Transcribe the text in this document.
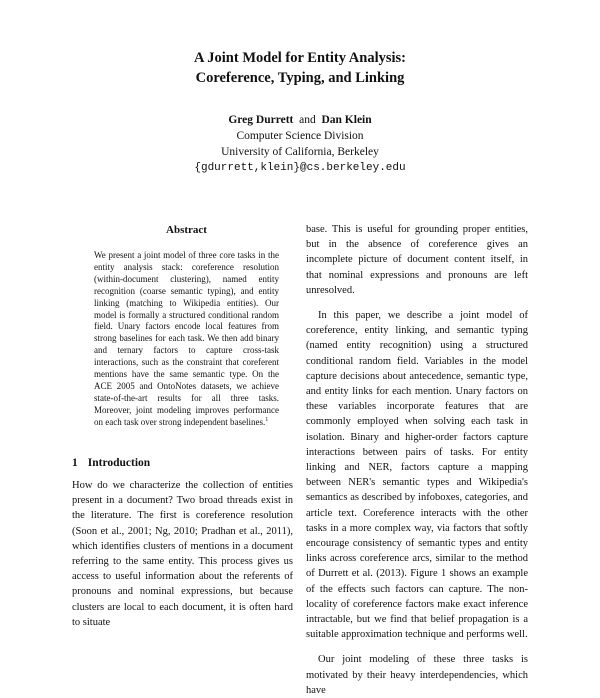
A Joint Model for Entity Analysis:
Coreference, Typing, and Linking
Greg Durrett and Dan Klein
Computer Science Division
University of California, Berkeley
{gdurrett,klein}@cs.berkeley.edu
Abstract
We present a joint model of three core tasks in the entity analysis stack: coreference resolution (within-document clustering), named entity recognition (coarse semantic typing), and entity linking (matching to Wikipedia entities). Our model is formally a structured conditional random field. Unary factors encode local features from strong baselines for each task. We then add binary and ternary factors to capture cross-task interactions, such as the constraint that coreferent mentions have the same semantic type. On the ACE 2005 and OntoNotes datasets, we achieve state-of-the-art results for all three tasks. Moreover, joint modeling improves performance on each task over strong independent baselines.$^1$
1 Introduction
How do we characterize the collection of entities present in a document? Two broad threads exist in the literature. The first is coreference resolution (Soon et al., 2001; Ng, 2010; Pradhan et al., 2011), which identifies clusters of mentions in a document referring to the same entity. This process gives us access to useful information about the referents of pronouns and nominal expressions, but because clusters are local to each document, it is often hard to situate

base. This is useful for grounding proper entities, but in the absence of coreference gives an incomplete picture of document content itself, in that nominal expressions and pronouns are left unresolved.

In this paper, we describe a joint model of coreference, entity linking, and semantic typing (named entity recognition) using a structured conditional random field. Variables in the model capture decisions about antecedence, semantic type, and entity links for each mention. Unary factors on these variables incorporate features that are commonly employed when solving each task in isolation. Binary and higher-order factors capture interactions between pairs of tasks. For entity linking and NER, factors capture a mapping between NER's semantic types and Wikipedia's semantics as described by infoboxes, categories, and article text. Coreference interacts with the other tasks in a more complex way, via factors that softly encourage consistency of semantic types and entity links across coreference arcs, similar to the method of Durrett et al. (2013). Figure 1 shows an example of the effects such factors can capture. The non-locality of coreference factors make exact inference intractable, but we find that belief propagation is a suitable approximation technique and performs well.

Our joint modeling of these three tasks is motivated by their heavy interdependencies, which have
